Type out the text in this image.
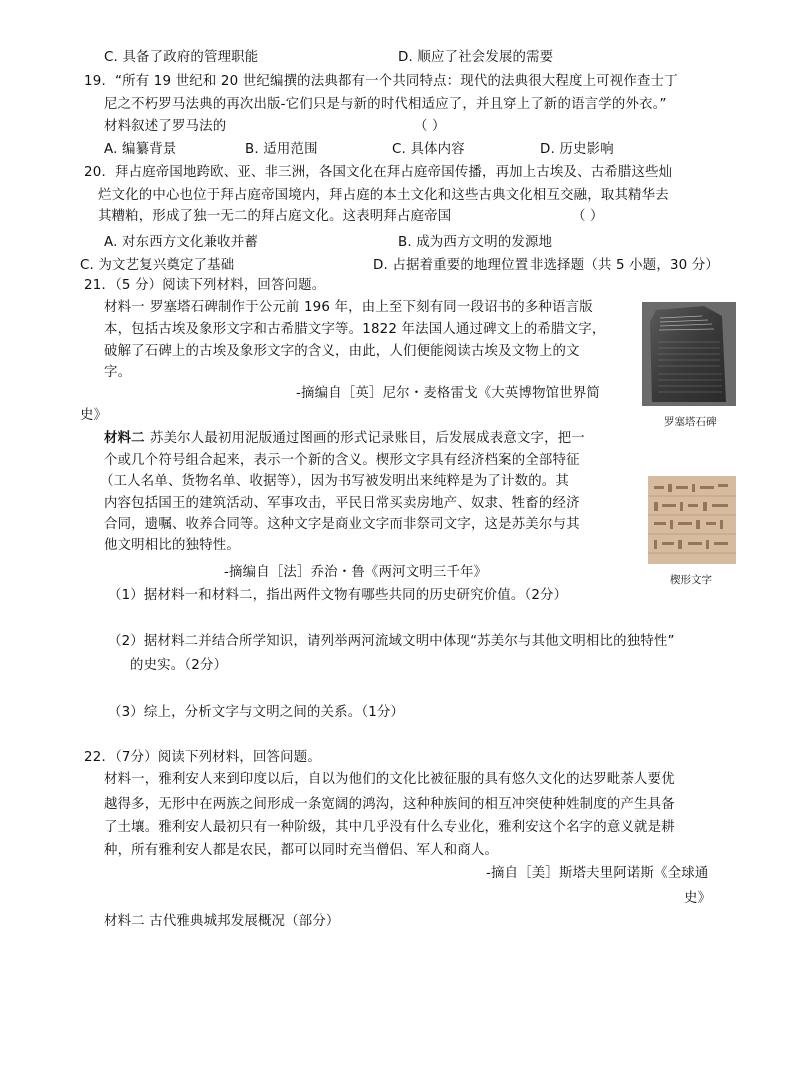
C. 具备了政府的管理职能	D. 顺应了社会发展的需要
19．“所有 19 世纪和 20 世纪编撰的法典都有一个共同特点：现代的法典很大程度上可视作查士丁
尼之不朽罗马法典的再次出版-它们只是与新的时代相适应了，并且穿上了新的语言学的外衣。”
材料叙述了罗马法的	（ ）
A. 编纂背景	B. 适用范围	C. 具体内容	D. 历史影响
20．拜占庭帝国地跨欧、亚、非三洲，各国文化在拜占庭帝国传播，再加上古埃及、古希腊这些灿
烂文化的中心也位于拜占庭帝国境内，拜占庭的本土文化和这些古典文化相互交融，取其精华去
其糟粕，形成了独一无二的拜占庭文化。这表明拜占庭帝国	（ ）
A. 对东西方文化兼收并蓄	B. 成为西方文明的发源地
C. 为文艺复兴奠定了基础	D. 占据着重要的地理位置 非选择题（共 5 小题，30 分）
21．（5 分）阅读下列材料，回答问题。
材料一 罗塞塔石碑制作于公元前 196 年，由上至下刻有同一段诏书的多种语言版
本，包括古埃及象形文字和古希腊文字等。1822 年法国人通过碑文上的希腊文字，
破解了石碑上的古埃及象形文字的含义，由此，人们便能阅读古埃及文物上的文
字。
-摘编自［英］尼尔・麦格雷戈《大英博物馆世界简
史》	罗塞塔石碑
材料二 苏美尔人最初用泥版通过图画的形式记录账目，后发展成表意文字，把一
个或几个符号组合起来，表示一个新的含义。楔形文字具有经济档案的全部特征
（工人名单、货物名单、收据等），因为书写被发明出来纯粹是为了计数的。其
内容包括国王的建筑活动、军事攻击，平民日常买卖房地产、奴隶、牲畜的经济
合同，遗嘱、收养合同等。这种文字是商业文字而非祭司文字，这是苏美尔与其
他文明相比的独特性。
楔形文字
-摘编自［法］乔治・鲁《两河文明三千年》
（1）据材料一和材料二，指出两件文物有哪些共同的历史研究价值。（2分）
（2）据材料二并结合所学知识，请列举两河流域文明中体现“苏美尔与其他文明相比的独特性”
的史实。（2分）
（3）综上，分析文字与文明之间的关系。（1分）
22．（7分）阅读下列材料，回答问题。
材料一，雅利安人来到印度以后，自以为他们的文化比被征服的具有悠久文化的达罗毗荼人要优
越得多，无形中在两族之间形成一条宽阔的鸿沟，这种种族间的相互冲突使种姓制度的产生具备
了土壤。雅利安人最初只有一种阶级，其中几乎没有什么专业化，雅利安这个名字的意义就是耕
种，所有雅利安人都是农民，都可以同时充当僧侣、军人和商人。
-摘自［美］斯塔夫里阿诺斯《全球通
史》
材料二 古代雅典城邦发展概况（部分）
